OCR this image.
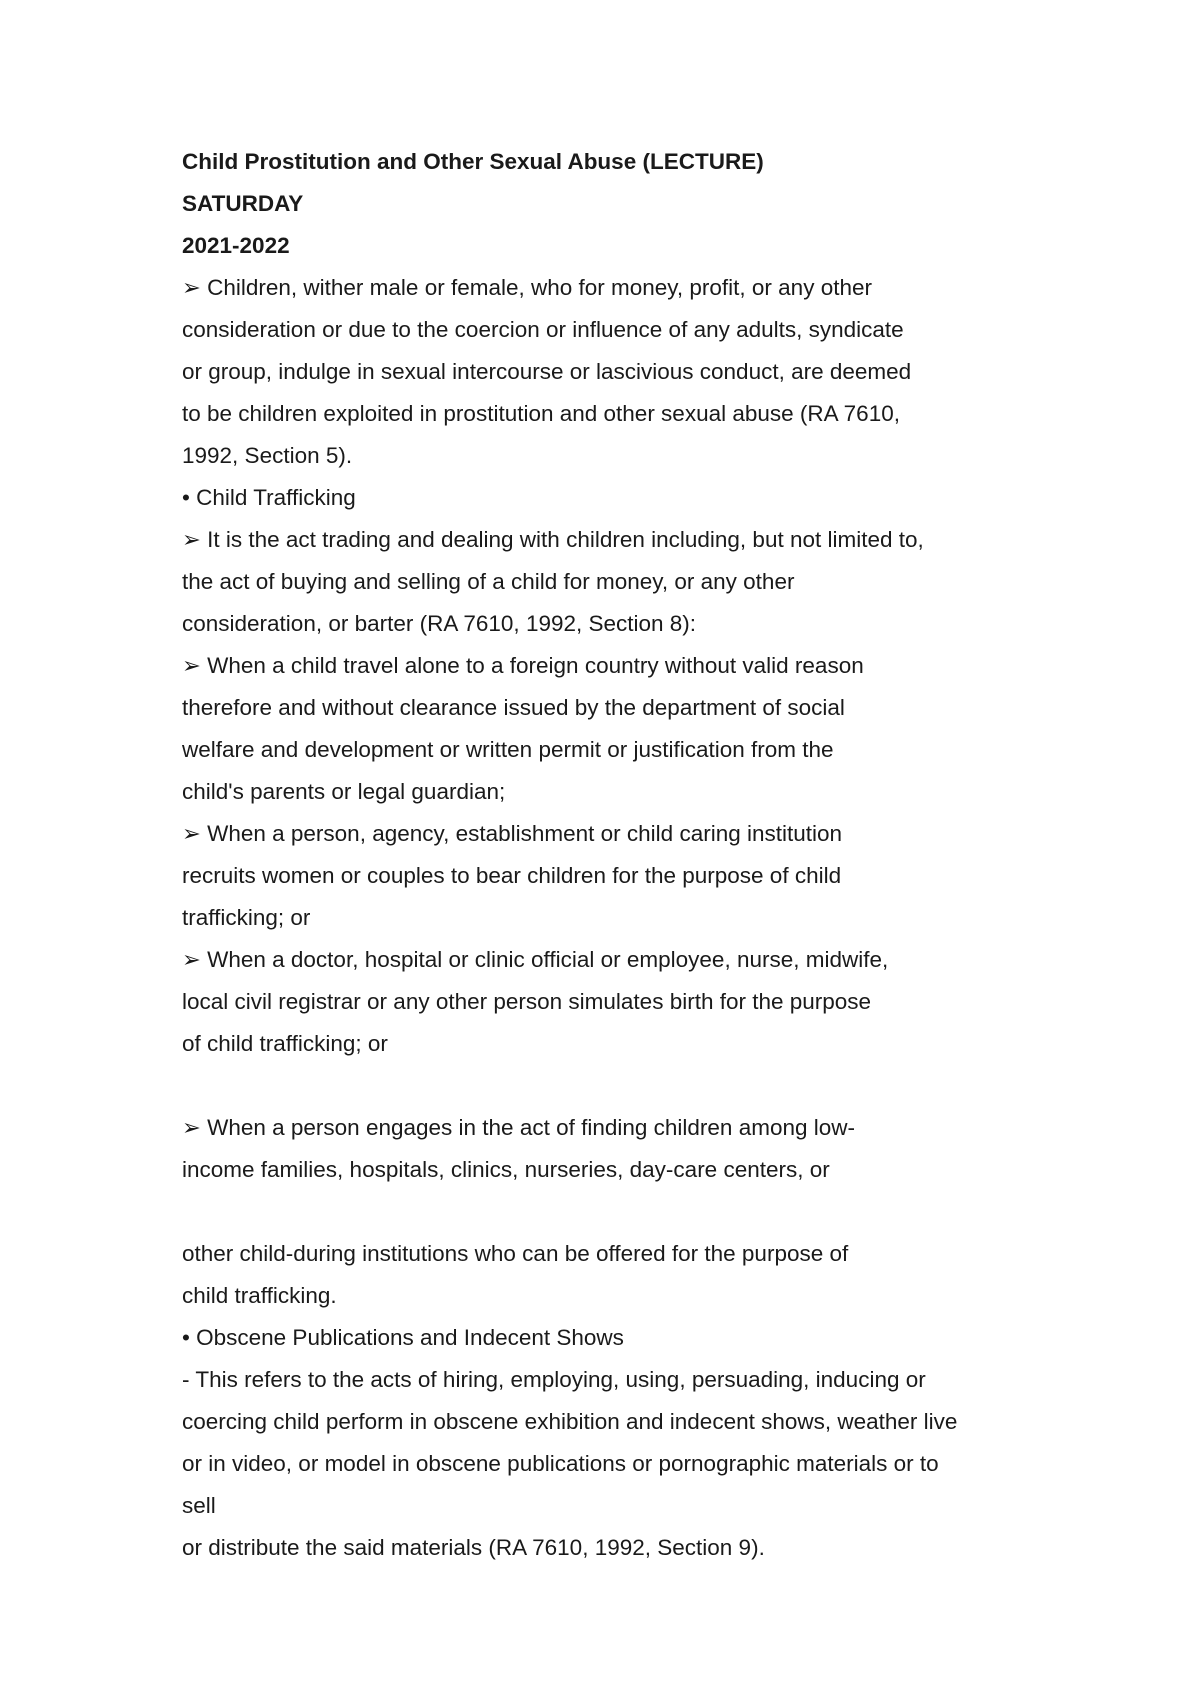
Child Prostitution and Other Sexual Abuse (LECTURE)
SATURDAY
2021-2022
➢ Children, wither male or female, who for money, profit, or any other
consideration or due to the coercion or influence of any adults, syndicate
or group, indulge in sexual intercourse or lascivious conduct, are deemed
to be children exploited in prostitution and other sexual abuse (RA 7610,
1992, Section 5).
• Child Trafficking
➢ It is the act trading and dealing with children including, but not limited to,
the act of buying and selling of a child for money, or any other
consideration, or barter (RA 7610, 1992, Section 8):
➢ When a child travel alone to a foreign country without valid reason
therefore and without clearance issued by the department of social
welfare and development or written permit or justification from the
child's parents or legal guardian;
➢ When a person, agency, establishment or child caring institution
recruits women or couples to bear children for the purpose of child
trafficking; or
➢ When a doctor, hospital or clinic official or employee, nurse, midwife,
local civil registrar or any other person simulates birth for the purpose
of child trafficking; or
➢ When a person engages in the act of finding children among low-
income families, hospitals, clinics, nurseries, day-care centers, or
other child-during institutions who can be offered for the purpose of
child trafficking.
• Obscene Publications and Indecent Shows
- This refers to the acts of hiring, employing, using, persuading, inducing or
coercing child perform in obscene exhibition and indecent shows, weather live
or in video, or model in obscene publications or pornographic materials or to
sell
or distribute the said materials (RA 7610, 1992, Section 9).
